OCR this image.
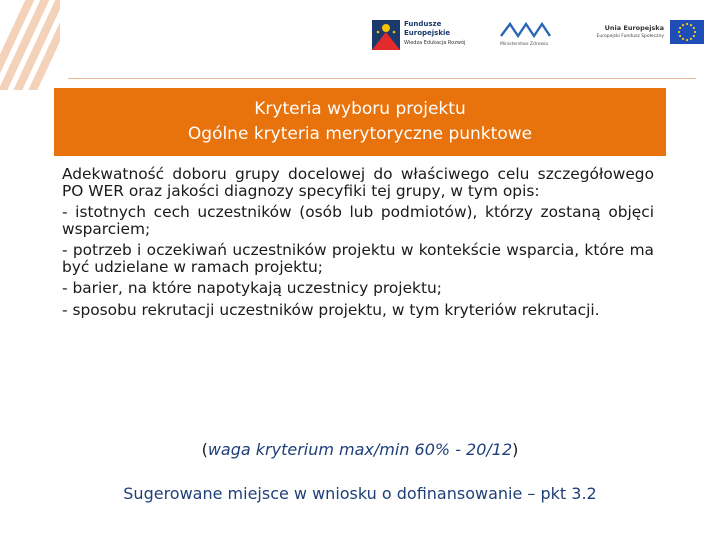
Fundusze
Europejskie
Wiedza Edukacja Rozwój	Ministerstwo Zdrowia
Unia Europejska
Europejski Fundusz Społeczny
Kryteria wyboru projektu
Ogólne kryteria merytoryczne punktowe

Adekwatność doboru grupy docelowej do właściwego celu szczegółowego PO WER oraz jakości diagnozy specyfiki tej grupy, w tym opis:

- istotnych cech uczestników (osób lub podmiotów), którzy zostaną objęci wsparciem;

- potrzeb i oczekiwań uczestników projektu w kontekście wsparcia, które ma być udzielane w ramach projektu;

- barier, na które napotykają uczestnicy projektu;

- sposobu rekrutacji uczestników projektu, w tym kryteriów rekrutacji.

(waga kryterium max/min 60% - 20/12)
Sugerowane miejsce w wniosku o dofinansowanie – pkt 3.2
